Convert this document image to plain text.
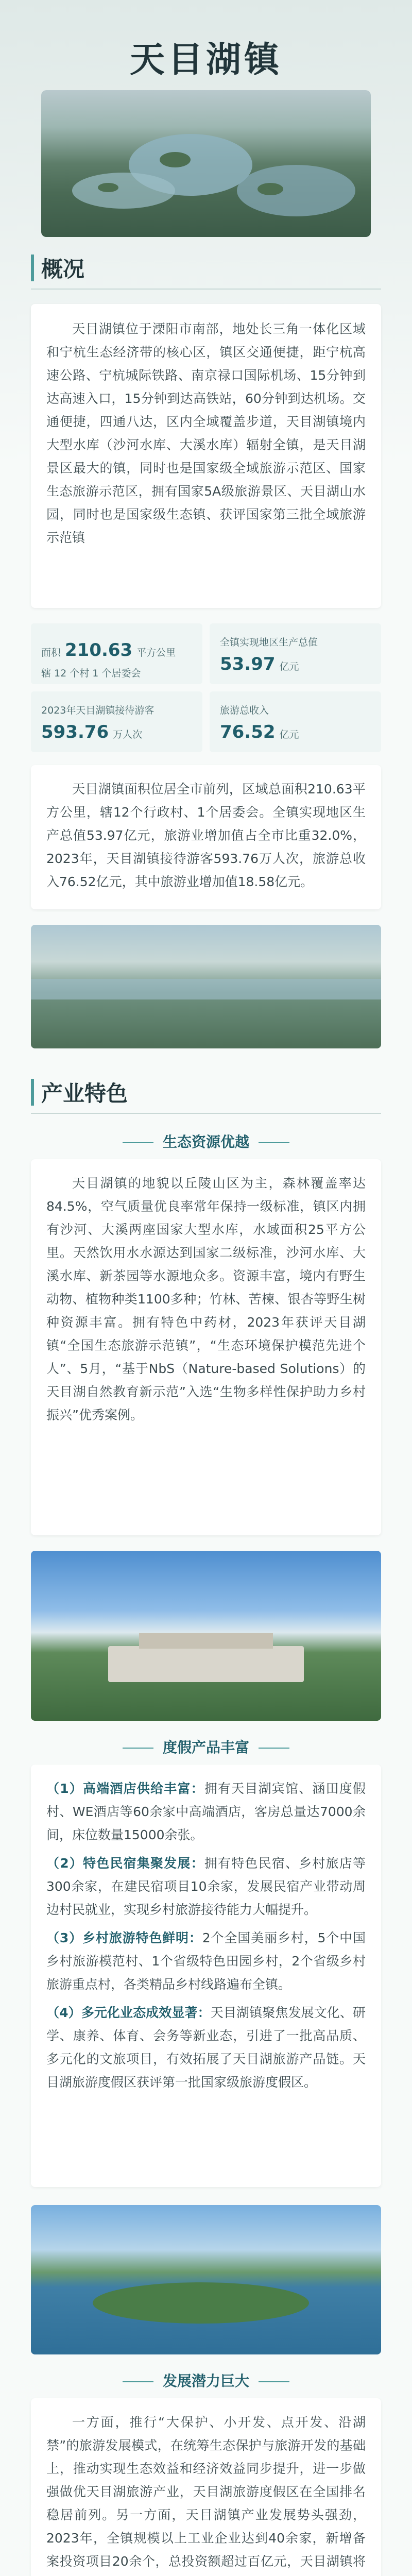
天目湖镇
概况

天目湖镇位于溧阳市南部，地处长三角一体化区域和宁杭生态经济带的核心区，镇区交通便捷，距宁杭高速公路、宁杭城际铁路、南京禄口国际机场、15分钟到达高速入口，15分钟到达高铁站，60分钟到达机场。交通便捷，四通八达，区内全域覆盖步道，天目湖镇境内大型水库（沙河水库、大溪水库）辐射全镇，是天目湖景区最大的镇，同时也是国家级全域旅游示范区、国家生态旅游示范区，拥有国家5A级旅游景区、天目湖山水园，同时也是国家级生态镇、获评国家第三批全域旅游示范镇

面积 210.63 平方公里
辖 12 个村 1 个居委会
全镇实现地区生产总值
53.97 亿元
2023年天目湖镇接待游客
593.76 万人次
旅游总收入
76.52 亿元

天目湖镇面积位居全市前列，区域总面积210.63平方公里，辖12个行政村、1个居委会。全镇实现地区生产总值53.97亿元，旅游业增加值占全市比重32.0%，2023年，天目湖镇接待游客593.76万人次，旅游总收入76.52亿元，其中旅游业增加值18.58亿元。

产业特色
生态资源优越

天目湖镇的地貌以丘陵山区为主，森林覆盖率达84.5%，空气质量优良率常年保持一级标准，镇区内拥有沙河、大溪两座国家大型水库，水域面积25平方公里。天然饮用水水源达到国家二级标准，沙河水库、大溪水库、新茶园等水源地众多。资源丰富，境内有野生动物、植物种类1100多种；竹林、苦楝、银杏等野生树种资源丰富。拥有特色中药材，2023年获评天目湖镇“全国生态旅游示范镇”，“生态环境保护模范先进个人”、5月，“基于NbS（Nature-based Solutions）的天目湖自然教育新示范”入选“生物多样性保护助力乡村振兴”优秀案例。

度假产品丰富

（1）高端酒店供给丰富：拥有天目湖宾馆、涵田度假村、WE酒店等60余家中高端酒店，客房总量达7000余间，床位数量15000余张。

（2）特色民宿集聚发展：拥有特色民宿、乡村旅店等300余家，在建民宿项目10余家，发展民宿产业带动周边村民就业，实现乡村旅游接待能力大幅提升。

（3）乡村旅游特色鲜明：2个全国美丽乡村，5个中国乡村旅游模范村、1个省级特色田园乡村，2个省级乡村旅游重点村，各类精品乡村线路遍布全镇。

（4）多元化业态成效显著：天目湖镇聚焦发展文化、研学、康养、体育、会务等新业态，引进了一批高品质、多元化的文旅项目，有效拓展了天目湖旅游产品链。天目湖旅游度假区获评第一批国家级旅游度假区。

发展潜力巨大

一方面，推行“大保护、小开发、点开发、沿湖禁”的旅游发展模式，在统筹生态保护与旅游开发的基础上，推动实现生态效益和经济效益同步提升，进一步做强做优天目湖旅游产业，天目湖旅游度假区在全国排名稳居前列。另一方面，天目湖镇产业发展势头强劲，2023年，全镇规模以上工业企业达到40余家，新增备案投资项目20余个，总投资额超过百亿元，天目湖镇将
